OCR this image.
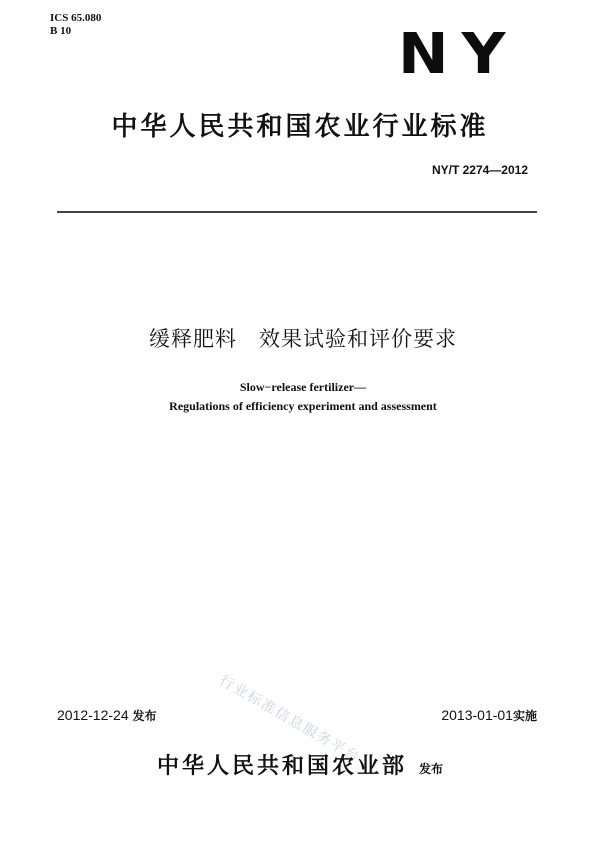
ICS 65.080
B 10	NY
中华人民共和国农业行业标准
NY/T 2274—2012
缓释肥料　效果试验和评价要求
Slow−release fertilizer—
Regulations of efficiency experiment and assessment
行业标准信息服务平台
2012-12-24 发布	2013-01-01实施
中华人民共和国农业部 发布
